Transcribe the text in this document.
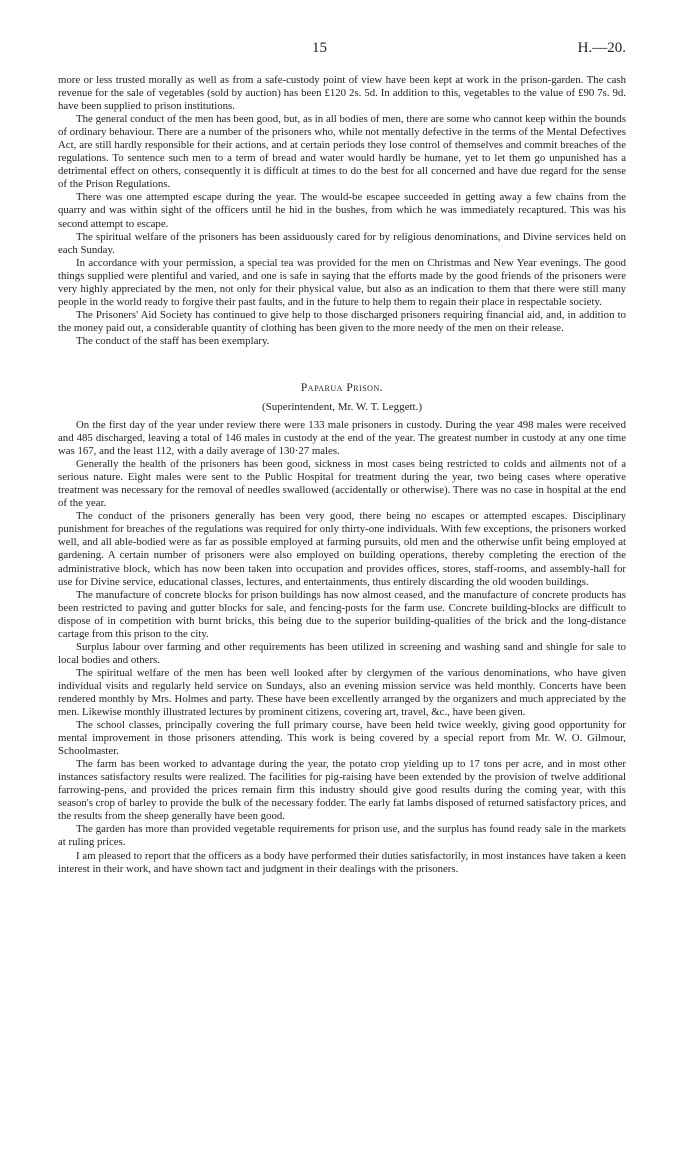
15	H.—20.

more or less trusted morally as well as from a safe-custody point of view have been kept at work in the prison-garden. The cash revenue for the sale of vegetables (sold by auction) has been £120 2s. 5d. In addition to this, vegetables to the value of £90 7s. 9d. have been supplied to prison institutions.

The general conduct of the men has been good, but, as in all bodies of men, there are some who cannot keep within the bounds of ordinary behaviour. There are a number of the prisoners who, while not mentally defective in the terms of the Mental Defectives Act, are still hardly responsible for their actions, and at certain periods they lose control of themselves and commit breaches of the regulations. To sentence such men to a term of bread and water would hardly be humane, yet to let them go unpunished has a detrimental effect on others, consequently it is difficult at times to do the best for all concerned and have due regard for the sense of the Prison Regulations.

There was one attempted escape during the year. The would-be escapee succeeded in getting away a few chains from the quarry and was within sight of the officers until he hid in the bushes, from which he was immediately recaptured. This was his second attempt to escape.

The spiritual welfare of the prisoners has been assiduously cared for by religious denominations, and Divine services held on each Sunday.

In accordance with your permission, a special tea was provided for the men on Christmas and New Year evenings. The good things supplied were plentiful and varied, and one is safe in saying that the efforts made by the good friends of the prisoners were very highly appreciated by the men, not only for their physical value, but also as an indication to them that there were still many people in the world ready to forgive their past faults, and in the future to help them to regain their place in respectable society.

The Prisoners' Aid Society has continued to give help to those discharged prisoners requiring financial aid, and, in addition to the money paid out, a considerable quantity of clothing has been given to the more needy of the men on their release.

The conduct of the staff has been exemplary.

Paparua Prison.
(Superintendent, Mr. W. T. Leggett.)

On the first day of the year under review there were 133 male prisoners in custody. During the year 498 males were received and 485 discharged, leaving a total of 146 males in custody at the end of the year. The greatest number in custody at any one time was 167, and the least 112, with a daily average of 130·27 males.

Generally the health of the prisoners has been good, sickness in most cases being restricted to colds and ailments not of a serious nature. Eight males were sent to the Public Hospital for treatment during the year, two being cases where operative treatment was necessary for the removal of needles swallowed (accidentally or otherwise). There was no case in hospital at the end of the year.

The conduct of the prisoners generally has been very good, there being no escapes or attempted escapes. Disciplinary punishment for breaches of the regulations was required for only thirty-one individuals. With few exceptions, the prisoners worked well, and all able-bodied were as far as possible employed at farming pursuits, old men and the otherwise unfit being employed at gardening. A certain number of prisoners were also employed on building operations, thereby completing the erection of the administrative block, which has now been taken into occupation and provides offices, stores, staff-rooms, and assembly-hall for use for Divine service, educational classes, lectures, and entertainments, thus entirely discarding the old wooden buildings.

The manufacture of concrete blocks for prison buildings has now almost ceased, and the manufacture of concrete products has been restricted to paving and gutter blocks for sale, and fencing-posts for the farm use. Concrete building-blocks are difficult to dispose of in competition with burnt bricks, this being due to the superior building-qualities of the brick and the long-distance cartage from this prison to the city.

Surplus labour over farming and other requirements has been utilized in screening and washing sand and shingle for sale to local bodies and others.

The spiritual welfare of the men has been well looked after by clergymen of the various denominations, who have given individual visits and regularly held service on Sundays, also an evening mission service was held monthly. Concerts have been rendered monthly by Mrs. Holmes and party. These have been excellently arranged by the organizers and much appreciated by the men. Likewise monthly illustrated lectures by prominent citizens, covering art, travel, &c., have been given.

The school classes, principally covering the full primary course, have been held twice weekly, giving good opportunity for mental improvement in those prisoners attending. This work is being covered by a special report from Mr. W. O. Gilmour, Schoolmaster.

The farm has been worked to advantage during the year, the potato crop yielding up to 17 tons per acre, and in most other instances satisfactory results were realized. The facilities for pig-raising have been extended by the provision of twelve additional farrowing-pens, and provided the prices remain firm this industry should give good results during the coming year, with this season's crop of barley to provide the bulk of the necessary fodder. The early fat lambs disposed of returned satisfactory prices, and the results from the sheep generally have been good.

The garden has more than provided vegetable requirements for prison use, and the surplus has found ready sale in the markets at ruling prices.

I am pleased to report that the officers as a body have performed their duties satisfactorily, in most instances have taken a keen interest in their work, and have shown tact and judgment in their dealings with the prisoners.
